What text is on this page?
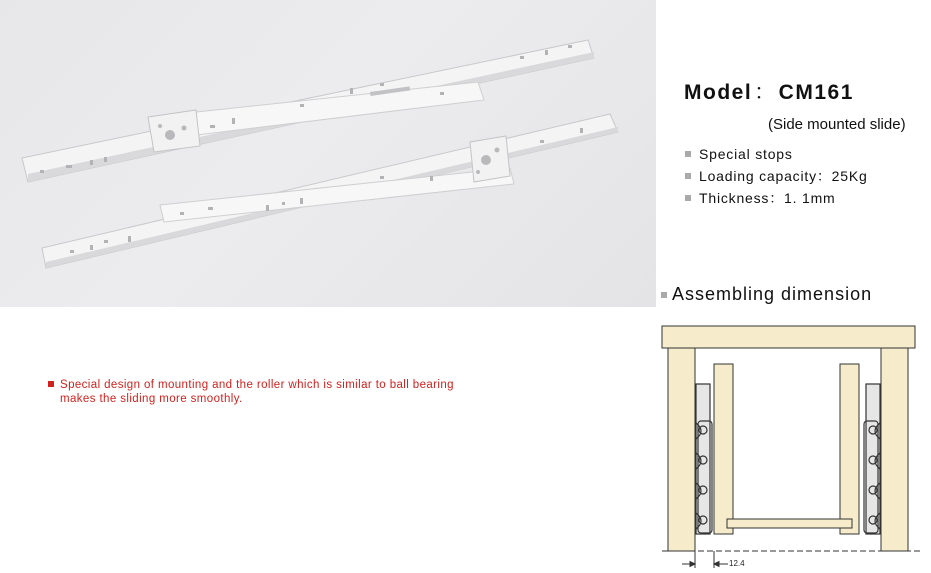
Model：CM161
(Side mounted slide)
Special stops
Loading capacity：25Kg
Thickness：1. 1mm
Assembling dimension
Special design of mounting and the roller which is similar to ball bearing
makes the sliding more smoothly.
12.4
